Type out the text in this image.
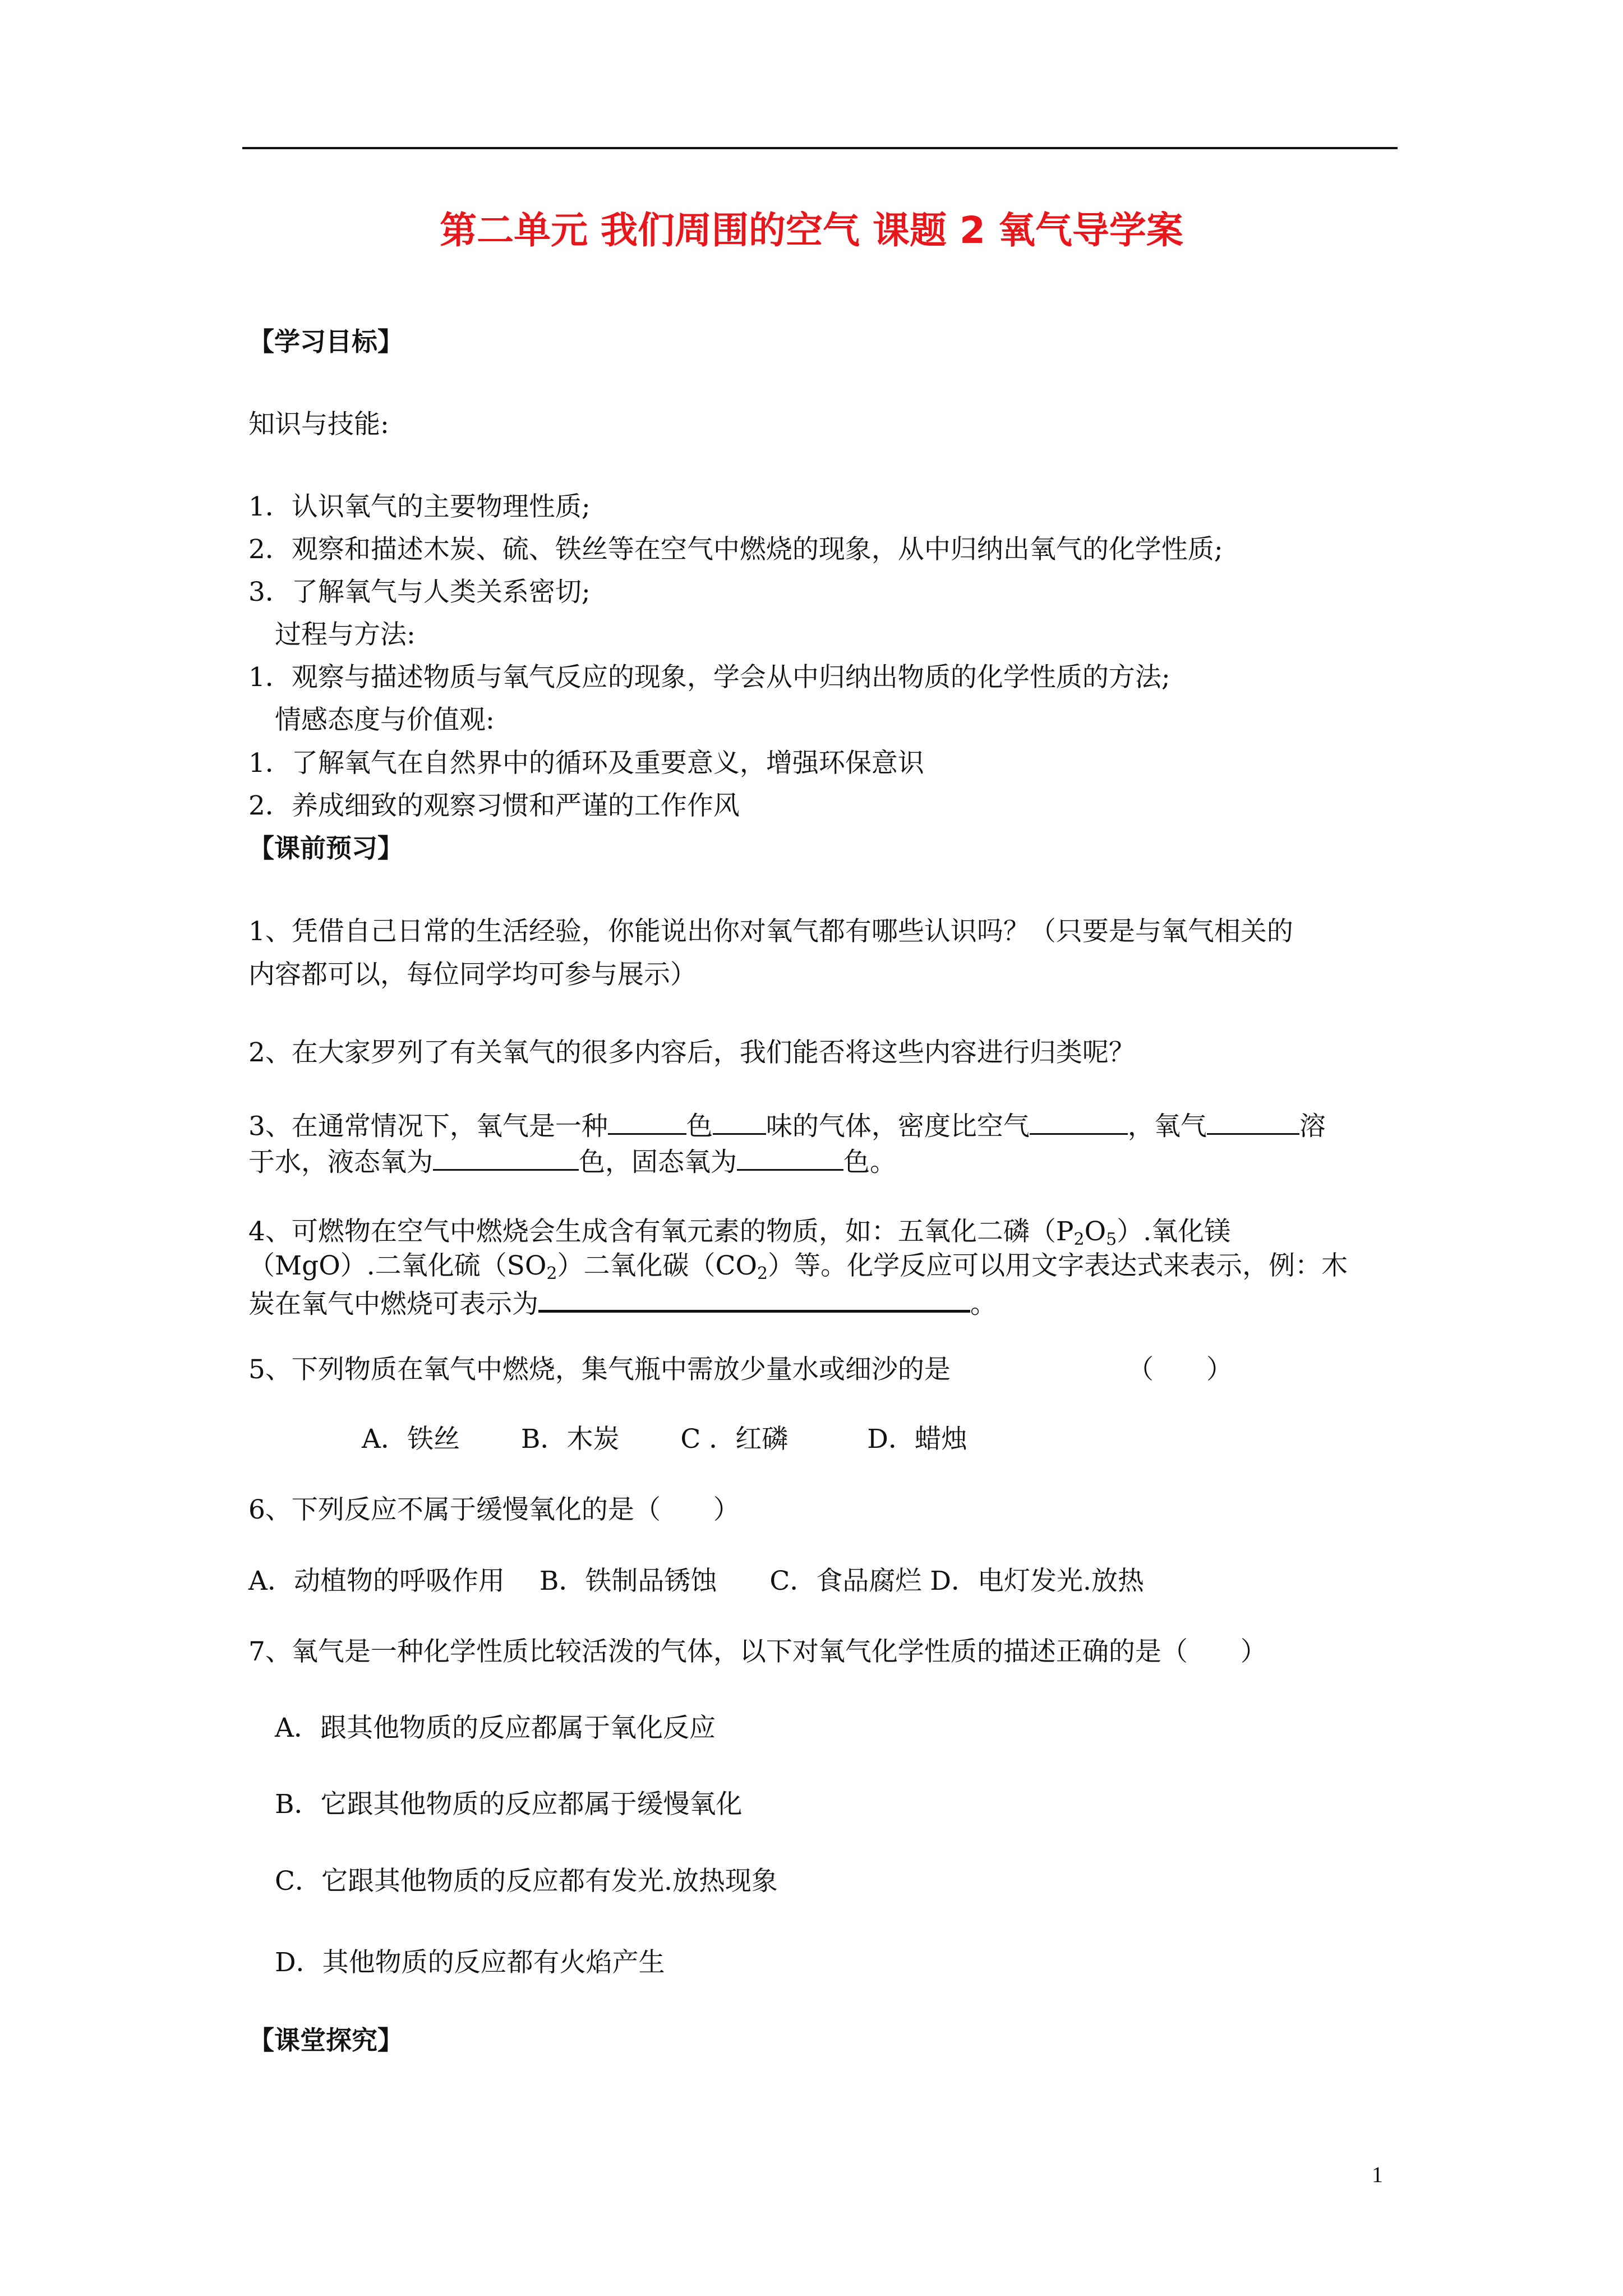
第二单元 我们周围的空气 课题 2 氧气导学案
【学习目标】
知识与技能:
1．认识氧气的主要物理性质;
2．观察和描述木炭、硫、铁丝等在空气中燃烧的现象，从中归纳出氧气的化学性质;
3．了解氧气与人类关系密切;
过程与方法:
1．观察与描述物质与氧气反应的现象，学会从中归纳出物质的化学性质的方法;
情感态度与价值观:
1．了解氧气在自然界中的循环及重要意义，增强环保意识
2．养成细致的观察习惯和严谨的工作作风
【课前预习】
1、凭借自己日常的生活经验，你能说出你对氧气都有哪些认识吗？（只要是与氧气相关的
内容都可以，每位同学均可参与展示）
2、在大家罗列了有关氧气的很多内容后，我们能否将这些内容进行归类呢？
3、在通常情况下，氧气是一种	色 味的气体，密度比空气	，氧气	溶
于水，液态氧为	色，固态氧为	色。
4、可燃物在空气中燃烧会生成含有氧元素的物质，如：五氧化二磷$(P_2O_5)$.氧化镁
（MgO）.二氧化硫$(SO_2)$二氧化碳$(CO_2)$等。化学反应可以用文字表达式来表示，例：木
炭在氧气中燃烧可表示为	。
5、下列物质在氧气中燃烧，集气瓶中需放少量水或细沙的是	（　　）
A．铁丝　　 B．木炭　　 C ．红磷　　　D．蜡烛
6、下列反应不属于缓慢氧化的是（　　）
A．动植物的呼吸作用　 B．铁制品锈蚀　　C．食品腐烂 D．电灯发光.放热
7、氧气是一种化学性质比较活泼的气体，以下对氧气化学性质的描述正确的是（　　）
A．跟其他物质的反应都属于氧化反应
B．它跟其他物质的反应都属于缓慢氧化
C．它跟其他物质的反应都有发光.放热现象
D．其他物质的反应都有火焰产生
【课堂探究】
1
